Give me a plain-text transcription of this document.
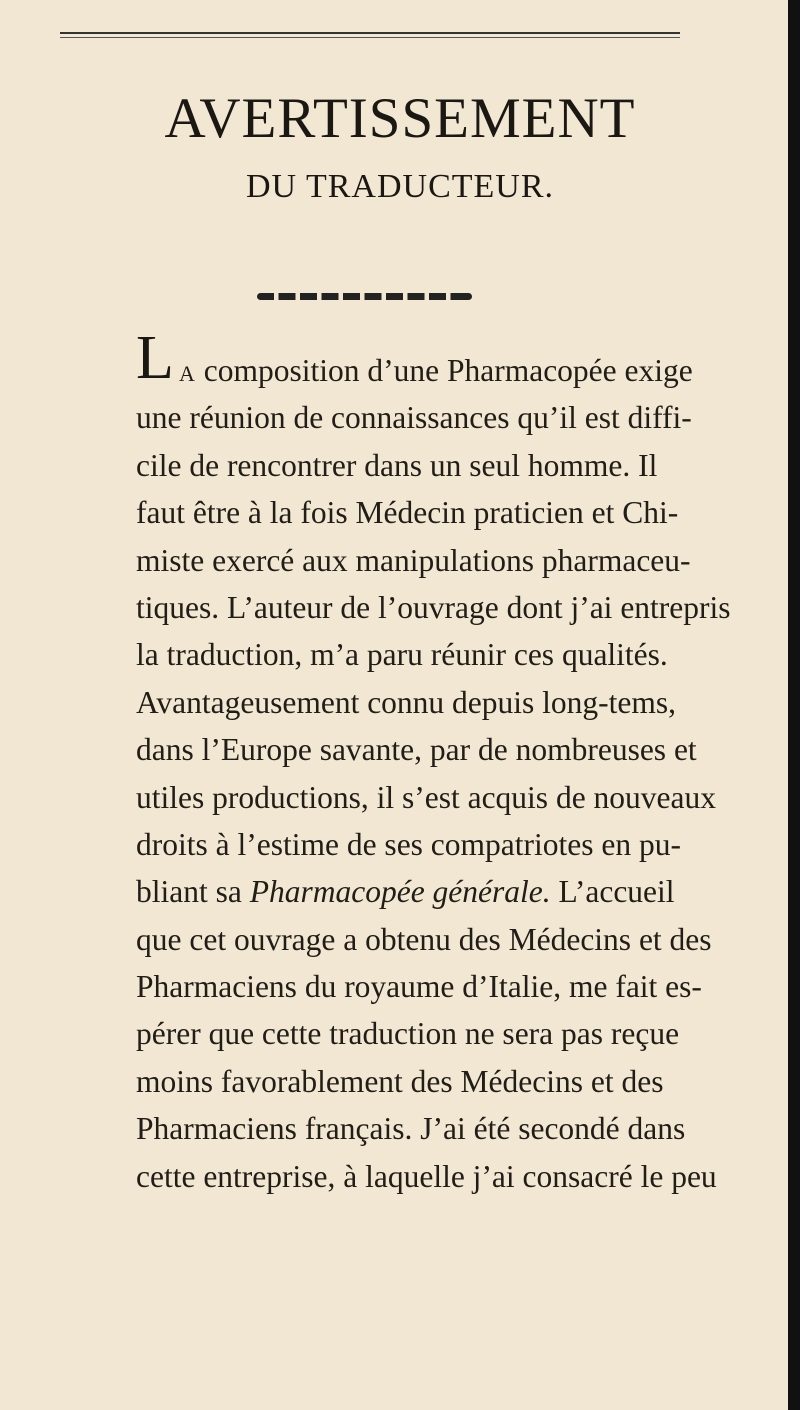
AVERTISSEMENT
DU TRADUCTEUR.
L A composition d’une Pharmacopée exige
une réunion de connaissances qu’il est diffi-
cile de rencontrer dans un seul homme. Il
faut être à la fois Médecin praticien et Chi-
miste exercé aux manipulations pharmaceu-
tiques. L’auteur de l’ouvrage dont j’ai entrepris
la traduction, m’a paru réunir ces qualités.
Avantageusement connu depuis long-tems,
dans l’Europe savante, par de nombreuses et
utiles productions, il s’est acquis de nouveaux
droits à l’estime de ses compatriotes en pu-
bliant sa Pharmacopée générale. L’accueil
que cet ouvrage a obtenu des Médecins et des
Pharmaciens du royaume d’Italie, me fait es-
pérer que cette traduction ne sera pas reçue
moins favorablement des Médecins et des
Pharmaciens français. J’ai été secondé dans
cette entreprise, à laquelle j’ai consacré le peu
